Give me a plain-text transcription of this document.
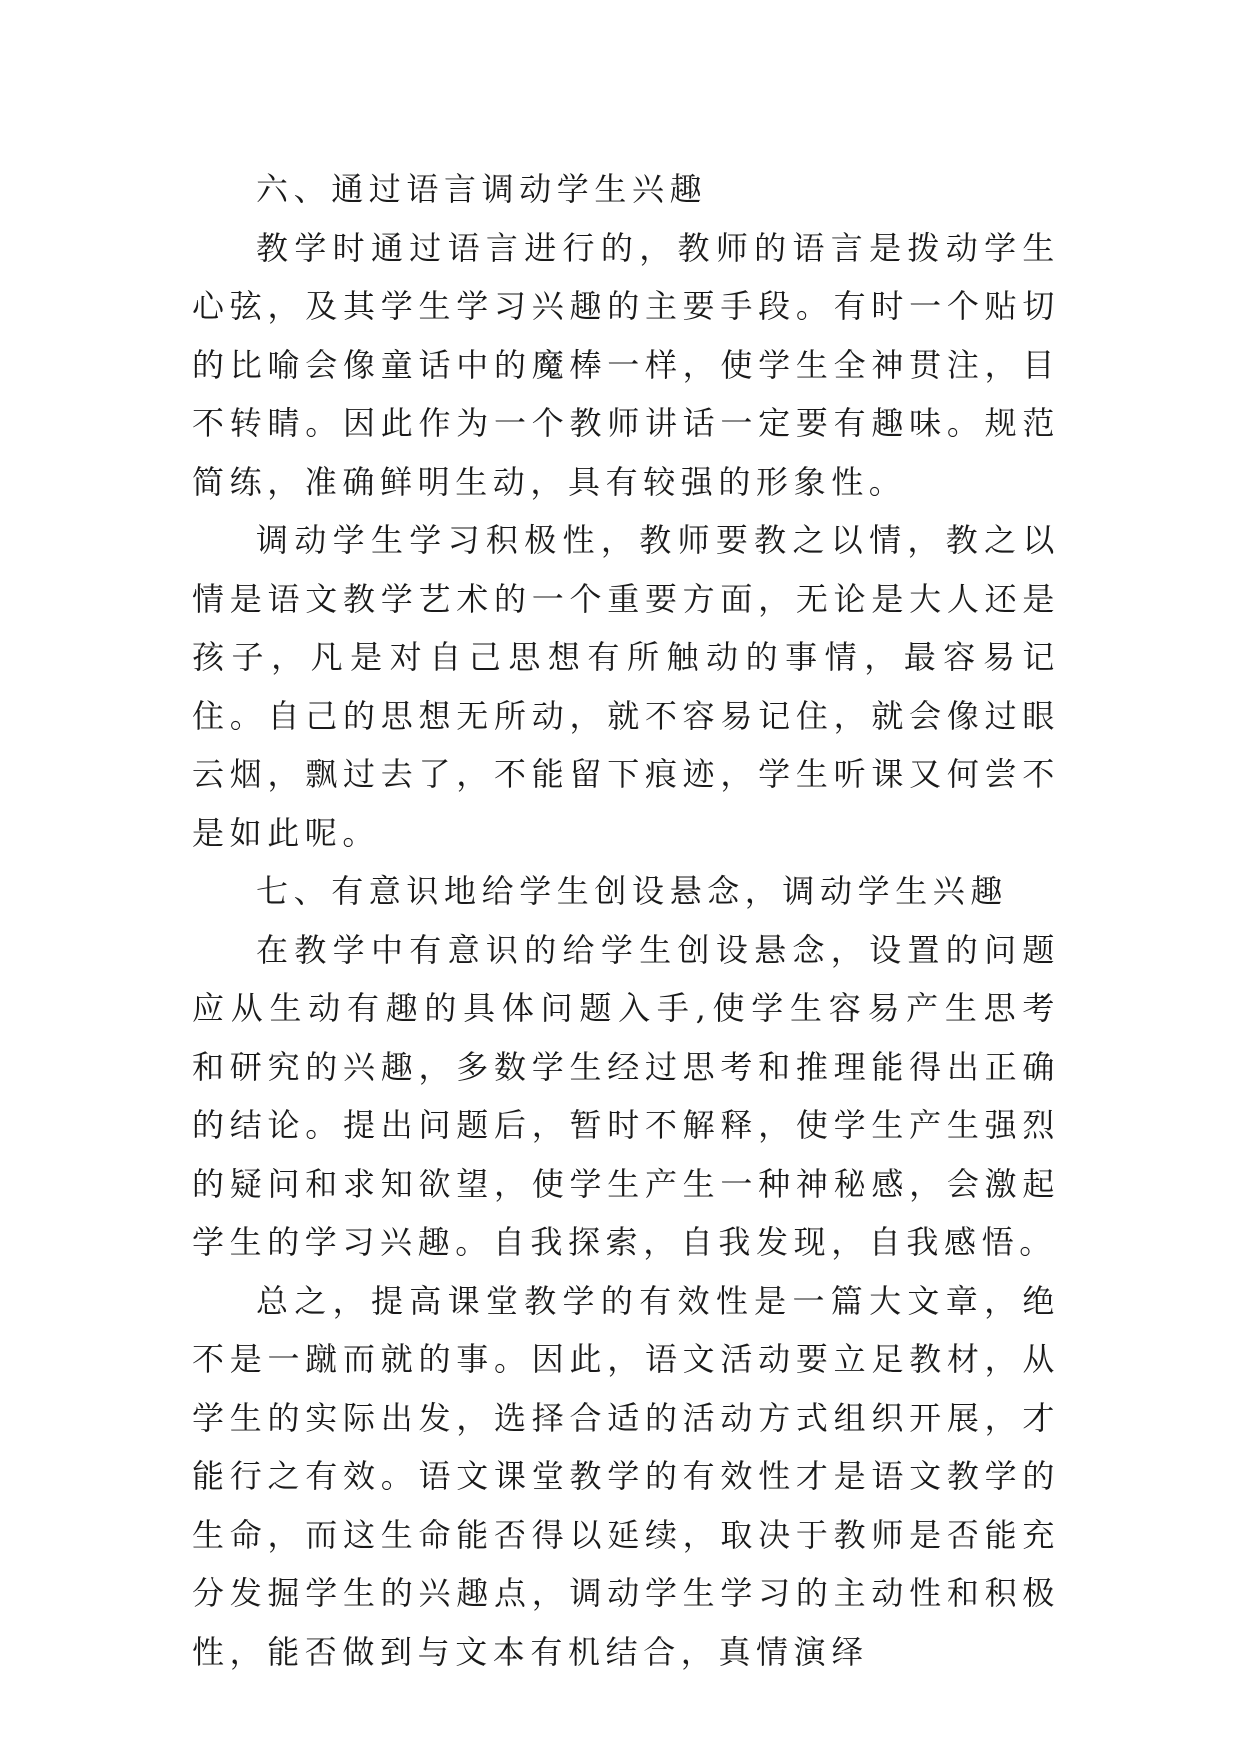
六、通过语言调动学生兴趣

教学时通过语言进行的，教师的语言是拨动学生心弦，及其学生学习兴趣的主要手段。有时一个贴切的比喻会像童话中的魔棒一样，使学生全神贯注，目不转睛。因此作为一个教师讲话一定要有趣味。规范简练，准确鲜明生动，具有较强的形象性。

调动学生学习积极性，教师要教之以情，教之以情是语文教学艺术的一个重要方面，无论是大人还是孩子，凡是对自己思想有所触动的事情，最容易记住。自己的思想无所动，就不容易记住，就会像过眼云烟，飘过去了，不能留下痕迹，学生听课又何尝不是如此呢。

七、有意识地给学生创设悬念，调动学生兴趣

在教学中有意识的给学生创设悬念，设置的问题应从生动有趣的具体问题入手,使学生容易产生思考和研究的兴趣，多数学生经过思考和推理能得出正确的结论。提出问题后，暂时不解释，使学生产生强烈的疑问和求知欲望，使学生产生一种神秘感，会激起学生的学习兴趣。自我探索，自我发现，自我感悟。

总之，提高课堂教学的有效性是一篇大文章，绝不是一蹴而就的事。因此，语文活动要立足教材，从学生的实际出发，选择合适的活动方式组织开展，才能行之有效。语文课堂教学的有效性才是语文教学的生命，而这生命能否得以延续，取决于教师是否能充分发掘学生的兴趣点，调动学生学习的主动性和积极性，能否做到与文本有机结合，真情演绎
